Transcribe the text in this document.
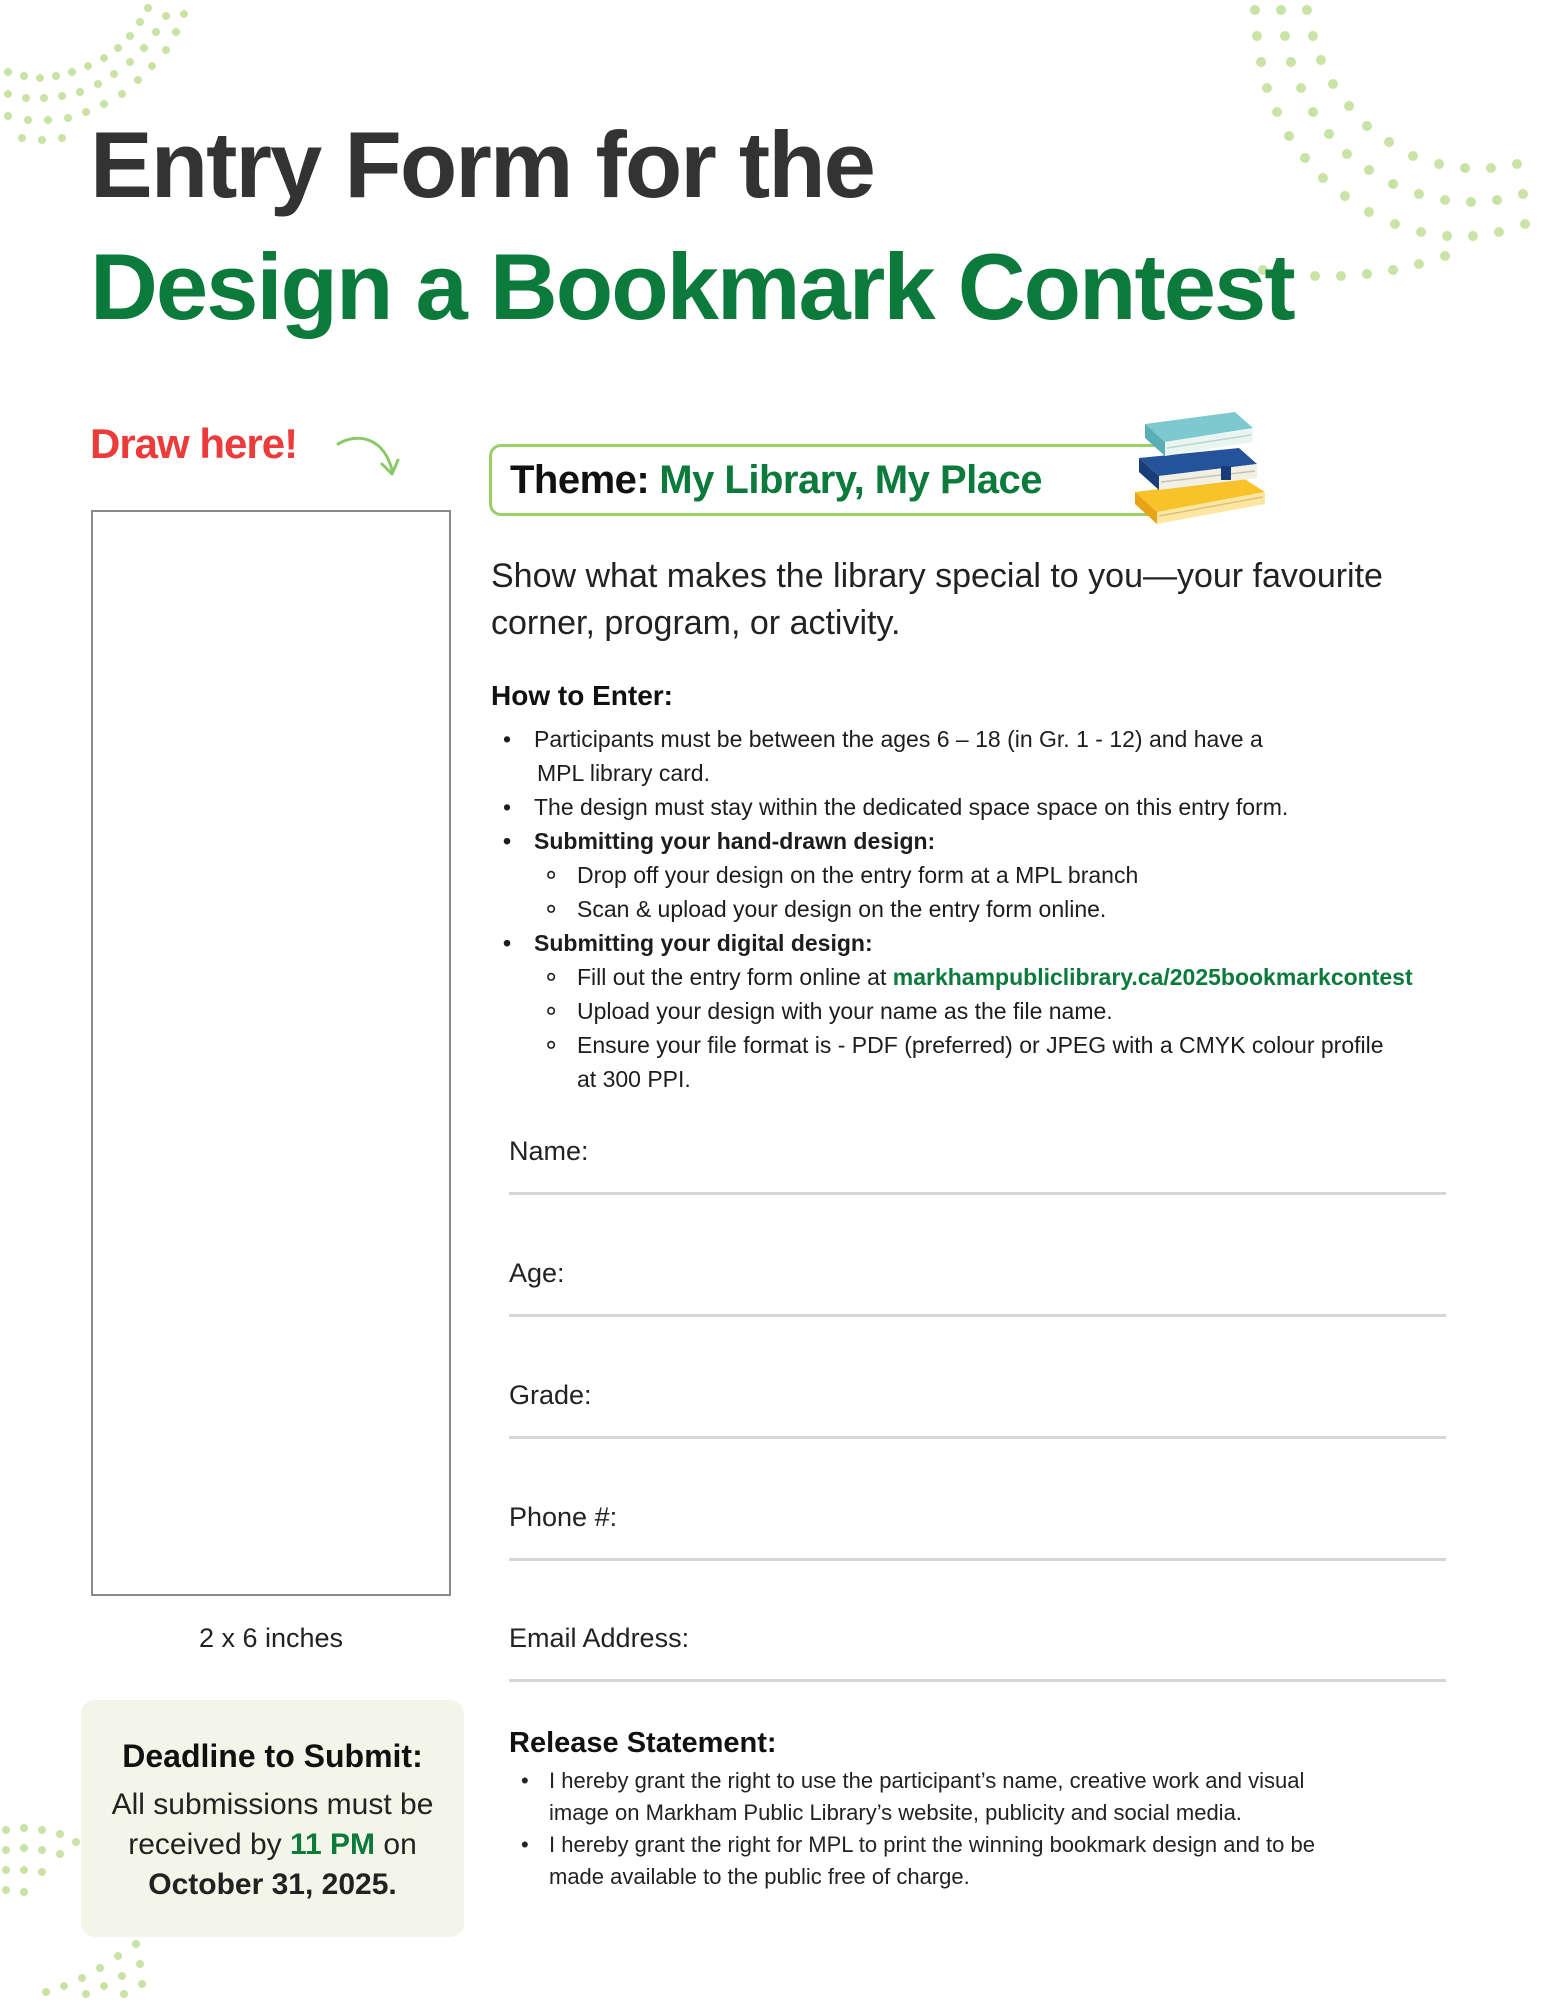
Entry Form for the
Design a Bookmark Contest
Draw here!
2 x 6 inches
Deadline to Submit:
All submissions must be
received by 11 PM on
October 31, 2025.
Theme: My Library, My Place
Show what makes the library special to you—your favourite corner, program, or activity.
How to Enter:
• Participants must be between the ages 6 – 18 (in Gr. 1 - 12) and have a
MPL library card.
• The design must stay within the dedicated space space on this entry form.
• Submitting your hand-drawn design:
∘ Drop off your design on the entry form at a MPL branch
∘ Scan & upload your design on the entry form online.
• Submitting your digital design:
∘ Fill out the entry form online at markhampubliclibrary.ca/2025bookmarkcontest
∘ Upload your design with your name as the file name.
∘ Ensure your file format is - PDF (preferred) or JPEG with a CMYK colour profile
at 300 PPI.
Name:
Age:
Grade:
Phone #:
Email Address:
Release Statement:
• I hereby grant the right to use the participant’s name, creative work and visual image on Markham Public Library’s website, publicity and social media.
• I hereby grant the right for MPL to print the winning bookmark design and to be made available to the public free of charge.
